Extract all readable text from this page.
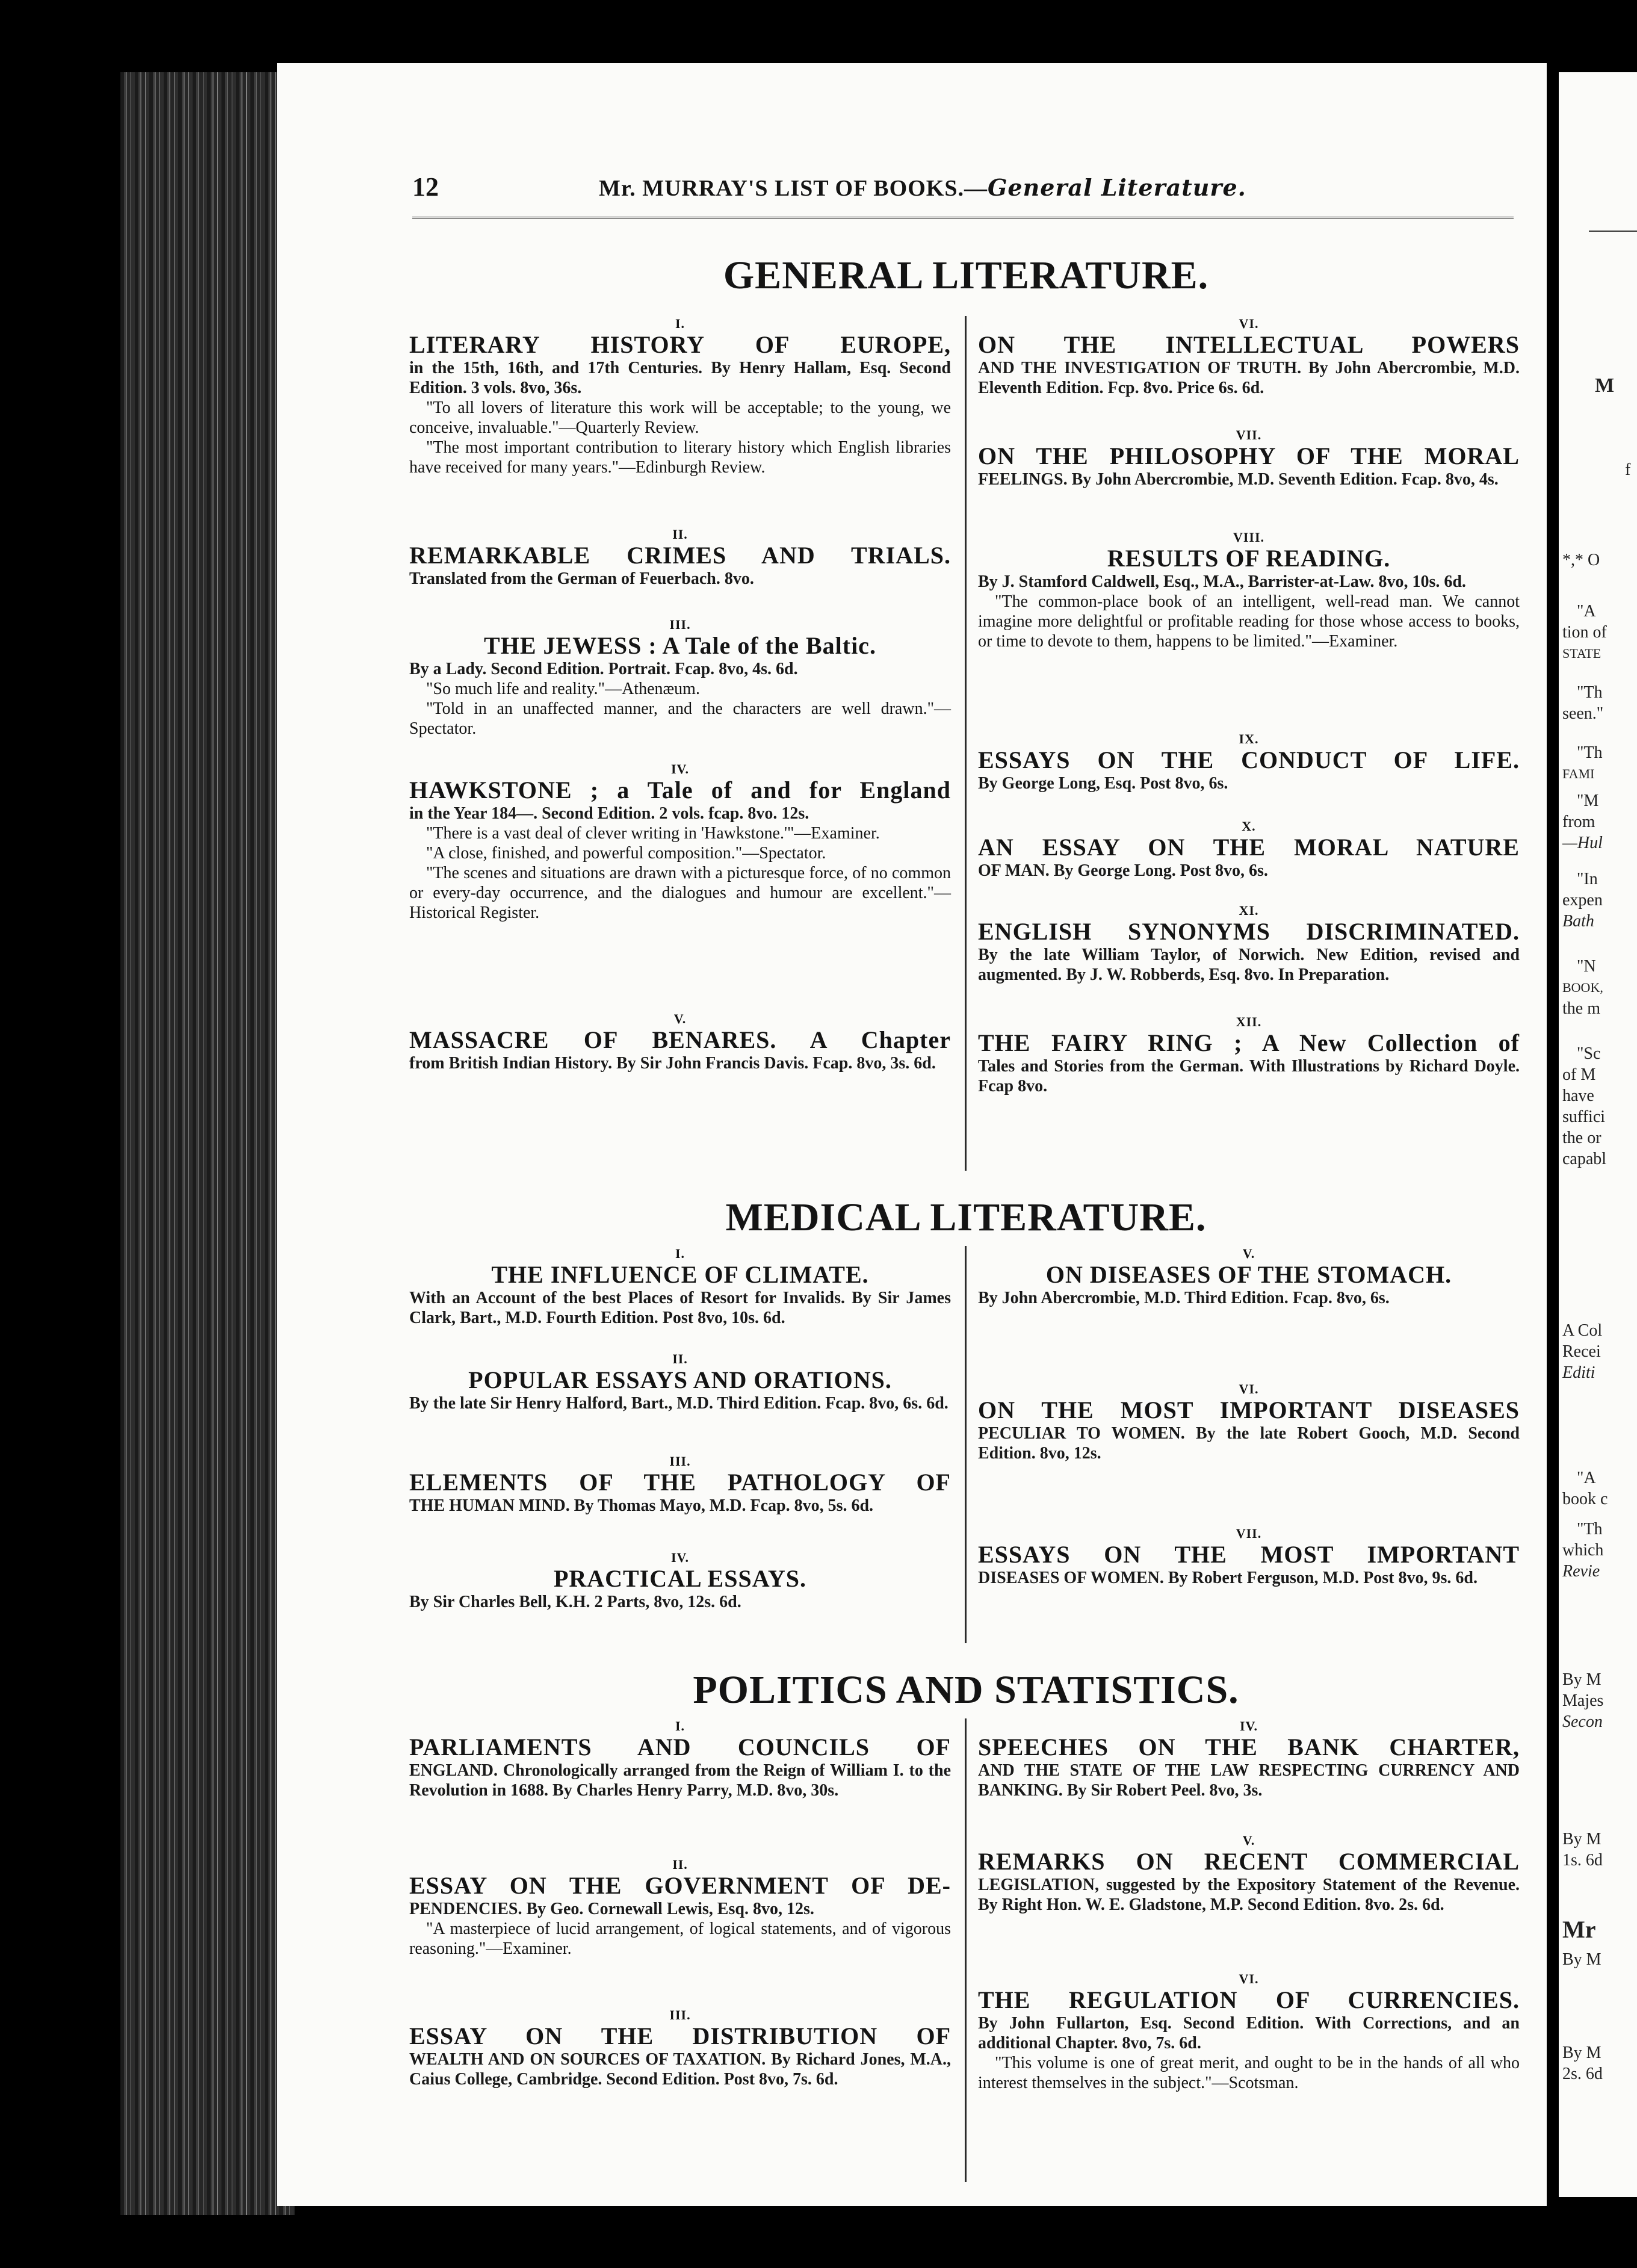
12	Mr. MURRAY'S LIST OF BOOKS.—General Literature.
GENERAL LITERATURE.
I.
LITERARY HISTORY OF EUROPE,
in the 15th, 16th, and 17th Centuries. By Henry Hallam, Esq. Second Edition. 3 vols. 8vo, 36s.

"To all lovers of literature this work will be acceptable; to the young, we conceive, invaluable."—Quarterly Review.

"The most important contribution to literary history which English libraries have received for many years."—Edinburgh Review.

II.
REMARKABLE CRIMES AND TRIALS.
Translated from the German of Feuerbach. 8vo.
III.
THE JEWESS : A Tale of the Baltic.
By a Lady. Second Edition. Portrait. Fcap. 8vo, 4s. 6d.

"So much life and reality."—Athenæum.

"Told in an unaffected manner, and the characters are well drawn."—Spectator.

IV.
HAWKSTONE ; a Tale of and for England
in the Year 184—. Second Edition. 2 vols. fcap. 8vo. 12s.

"There is a vast deal of clever writing in 'Hawkstone.'"—Examiner.

"A close, finished, and powerful composition."—Spectator.

"The scenes and situations are drawn with a picturesque force, of no common or every-day occurrence, and the dialogues and humour are excellent."—Historical Register.

V.
MASSACRE OF BENARES. A Chapter
from British Indian History. By Sir John Francis Davis. Fcap. 8vo, 3s. 6d.
VI.
ON THE INTELLECTUAL POWERS
AND THE INVESTIGATION OF TRUTH. By John Abercrombie, M.D. Eleventh Edition. Fcp. 8vo. Price 6s. 6d.
VII.
ON THE PHILOSOPHY OF THE MORAL
FEELINGS. By John Abercrombie, M.D. Seventh Edition. Fcap. 8vo, 4s.
VIII.
RESULTS OF READING.
By J. Stamford Caldwell, Esq., M.A., Barrister-at-Law. 8vo, 10s. 6d.

"The common-place book of an intelligent, well-read man. We cannot imagine more delightful or profitable reading for those whose access to books, or time to devote to them, happens to be limited."—Examiner.

IX.
ESSAYS ON THE CONDUCT OF LIFE.
By George Long, Esq. Post 8vo, 6s.
X.
AN ESSAY ON THE MORAL NATURE
OF MAN. By George Long. Post 8vo, 6s.
XI.
ENGLISH SYNONYMS DISCRIMINATED.
By the late William Taylor, of Norwich. New Edition, revised and augmented. By J. W. Robberds, Esq. 8vo. In Preparation.
XII.
THE FAIRY RING ; A New Collection of
Tales and Stories from the German. With Illustrations by Richard Doyle. Fcap 8vo.
MEDICAL LITERATURE.
I.
THE INFLUENCE OF CLIMATE.
With an Account of the best Places of Resort for Invalids. By Sir James Clark, Bart., M.D. Fourth Edition. Post 8vo, 10s. 6d.
II.
POPULAR ESSAYS AND ORATIONS.
By the late Sir Henry Halford, Bart., M.D. Third Edition. Fcap. 8vo, 6s. 6d.
III.
ELEMENTS OF THE PATHOLOGY OF
THE HUMAN MIND. By Thomas Mayo, M.D. Fcap. 8vo, 5s. 6d.
IV.
PRACTICAL ESSAYS.
By Sir Charles Bell, K.H. 2 Parts, 8vo, 12s. 6d.
V.
ON DISEASES OF THE STOMACH.
By John Abercrombie, M.D. Third Edition. Fcap. 8vo, 6s.
VI.
ON THE MOST IMPORTANT DISEASES
PECULIAR TO WOMEN. By the late Robert Gooch, M.D. Second Edition. 8vo, 12s.
VII.
ESSAYS ON THE MOST IMPORTANT
DISEASES OF WOMEN. By Robert Ferguson, M.D. Post 8vo, 9s. 6d.
POLITICS AND STATISTICS.
I.
PARLIAMENTS AND COUNCILS OF
ENGLAND. Chronologically arranged from the Reign of William I. to the Revolution in 1688. By Charles Henry Parry, M.D. 8vo, 30s.
II.
ESSAY ON THE GOVERNMENT OF DE-
PENDENCIES. By Geo. Cornewall Lewis, Esq. 8vo, 12s.

"A masterpiece of lucid arrangement, of logical statements, and of vigorous reasoning."—Examiner.

III.
ESSAY ON THE DISTRIBUTION OF
WEALTH AND ON SOURCES OF TAXATION. By Richard Jones, M.A., Caius College, Cambridge. Second Edition. Post 8vo, 7s. 6d.
IV.
SPEECHES ON THE BANK CHARTER,
AND THE STATE OF THE LAW RESPECTING CURRENCY AND BANKING. By Sir Robert Peel. 8vo, 3s.
V.
REMARKS ON RECENT COMMERCIAL
LEGISLATION, suggested by the Expository Statement of the Revenue. By Right Hon. W. E. Gladstone, M.P. Second Edition. 8vo. 2s. 6d.
VI.
THE REGULATION OF CURRENCIES.
By John Fullarton, Esq. Second Edition. With Corrections, and an additional Chapter. 8vo, 7s. 6d.

"This volume is one of great merit, and ought to be in the hands of all who interest themselves in the subject."—Scotsman.

M
f
*,* O
"A
tion of
STATE
"Th
seen."
"Th
FAMI
"M
from
—Hul
"In
expen
Bath
"N
BOOK,
the m
"Sc
of M
have
suffici
the or
capabl
A Col
Recei
Editi
"A
book c
"Th
which
Revie
By M
Majes
Secon
By M
1s. 6d
Mr
By M
By M
2s. 6d
